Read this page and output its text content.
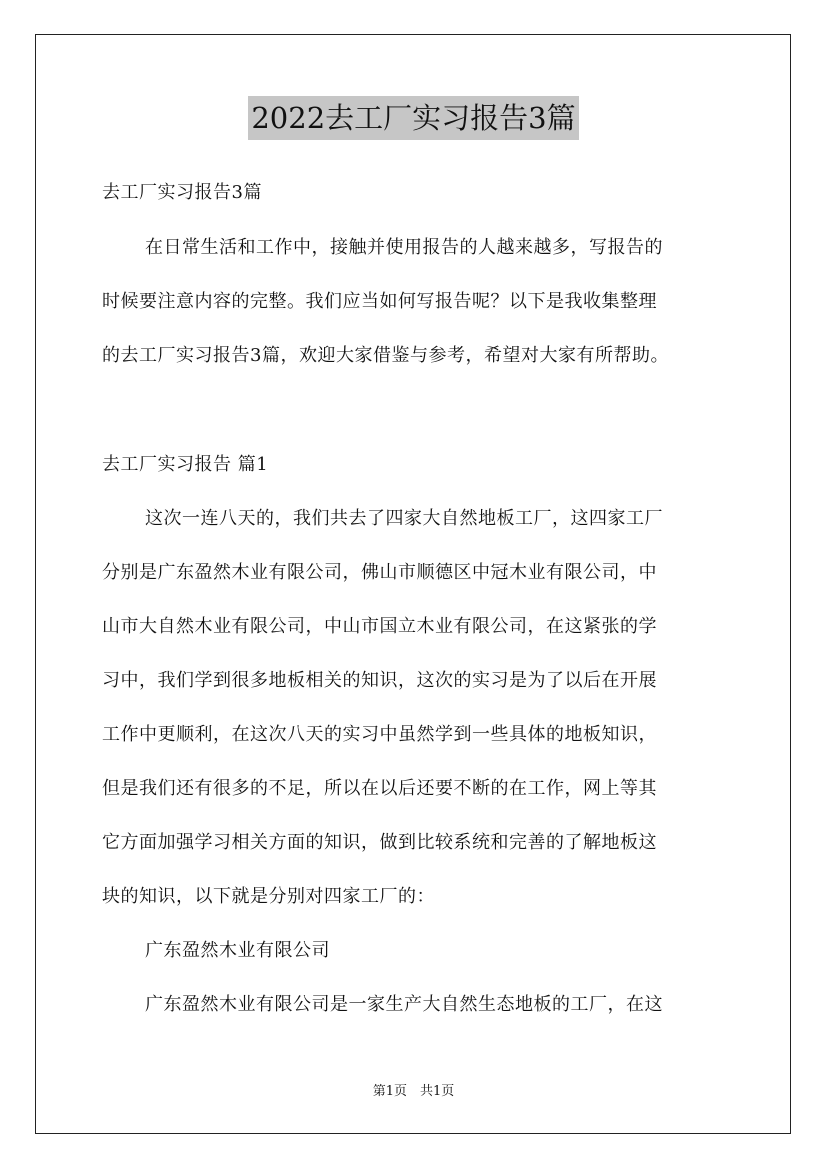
2022去工厂实习报告3篇
去工厂实习报告3篇
在日常生活和工作中，接触并使用报告的人越来越多，写报告的
时候要注意内容的完整。我们应当如何写报告呢？以下是我收集整理
的去工厂实习报告3篇，欢迎大家借鉴与参考，希望对大家有所帮助。
去工厂实习报告 篇1
这次一连八天的，我们共去了四家大自然地板工厂，这四家工厂
分别是广东盈然木业有限公司，佛山市顺德区中冠木业有限公司，中
山市大自然木业有限公司，中山市国立木业有限公司，在这紧张的学
习中，我们学到很多地板相关的知识，这次的实习是为了以后在开展
工作中更顺利，在这次八天的实习中虽然学到一些具体的地板知识，
但是我们还有很多的不足，所以在以后还要不断的在工作，网上等其
它方面加强学习相关方面的知识，做到比较系统和完善的了解地板这
块的知识，以下就是分别对四家工厂的：
广东盈然木业有限公司
广东盈然木业有限公司是一家生产大自然生态地板的工厂，在这
第1页　共1页
